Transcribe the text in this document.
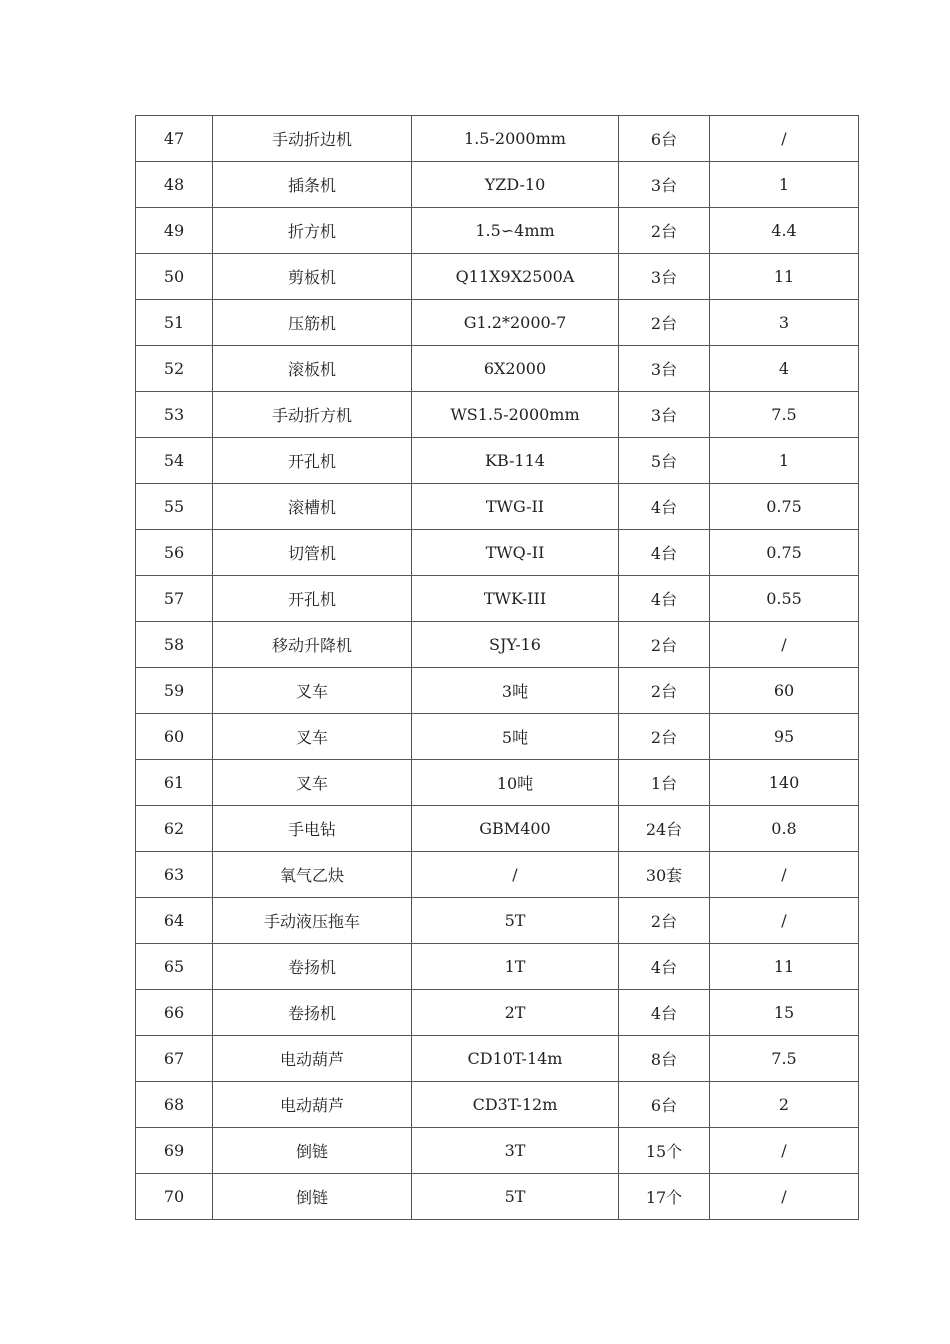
47	手动折边机	1.5-2000mm	6台	/
48	插条机	YZD-10	3台	1
49	折方机	1.5∽4mm	2台	4.4
50	剪板机	Q11X9X2500A	3台	11
51	压筋机	G1.2*2000-7	2台	3
52	滚板机	6X2000	3台	4
53	手动折方机	WS1.5-2000mm	3台	7.5
54	开孔机	KB-114	5台	1
55	滚槽机	TWG-II	4台	0.75
56	切管机	TWQ-II	4台	0.75
57	开孔机	TWK-III	4台	0.55
58	移动升降机	SJY-16	2台	/
59	叉车	3吨	2台	60
60	叉车	5吨	2台	95
61	叉车	10吨	1台	140
62	手电钻	GBM400	24台	0.8
63	氧气乙炔	/	30套	/
64	手动液压拖车	5T	2台	/
65	卷扬机	1T	4台	11
66	卷扬机	2T	4台	15
67	电动葫芦	CD10T-14m	8台	7.5
68	电动葫芦	CD3T-12m	6台	2
69	倒链	3T	15个	/
70	倒链	5T	17个	/
